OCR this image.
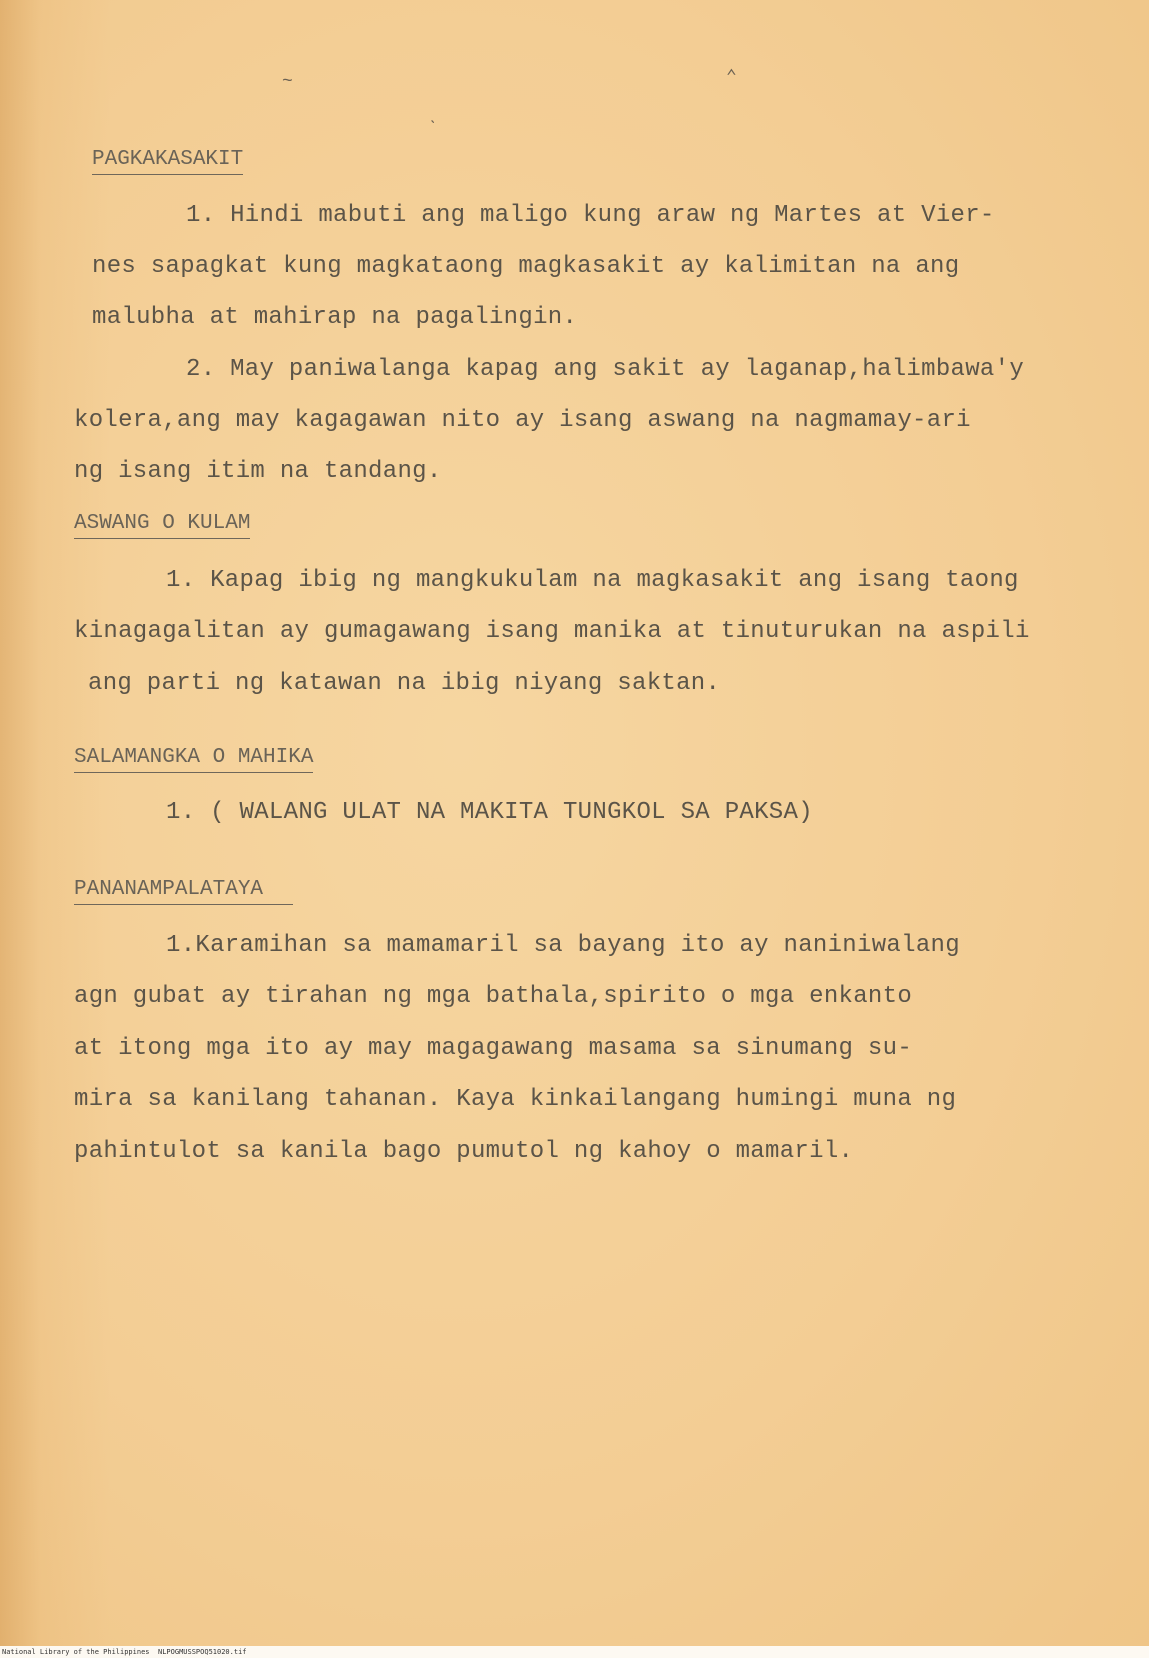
PAGKAKASAKIT
1. Hindi mabuti ang maligo kung araw ng Martes at Vier-
nes sapagkat kung magkataong magkasakit ay kalimitan na ang
malubha at mahirap na pagalingin.
2. May paniwalanga kapag ang sakit ay laganap,halimbawa'y
kolera,ang may kagagawan nito ay isang aswang na nagmamay-ari
ng isang itim na tandang.
ASWANG O KULAM
1. Kapag ibig ng mangkukulam na magkasakit ang isang taong
kinagagalitan ay gumagawang isang manika at tinuturukan na aspili
ang parti ng katawan na ibig niyang saktan.
SALAMANGKA O MAHIKA
1. ( WALANG ULAT NA MAKITA TUNGKOL SA PAKSA)
PANANAMPALATAYA
1.Karamihan sa mamamaril sa bayang ito ay naniniwalang
agn gubat ay tirahan ng mga bathala,spirito o mga enkanto
at itong mga ito ay may magagawang masama sa sinumang su-
mira sa kanilang tahanan. Kaya kinkailangang humingi muna ng
pahintulot sa kanila bago pumutol ng kahoy o mamaril.
~	⌃
ˋ
National Library of the Philippines NLPOGMUSSPOQ51020.tif
